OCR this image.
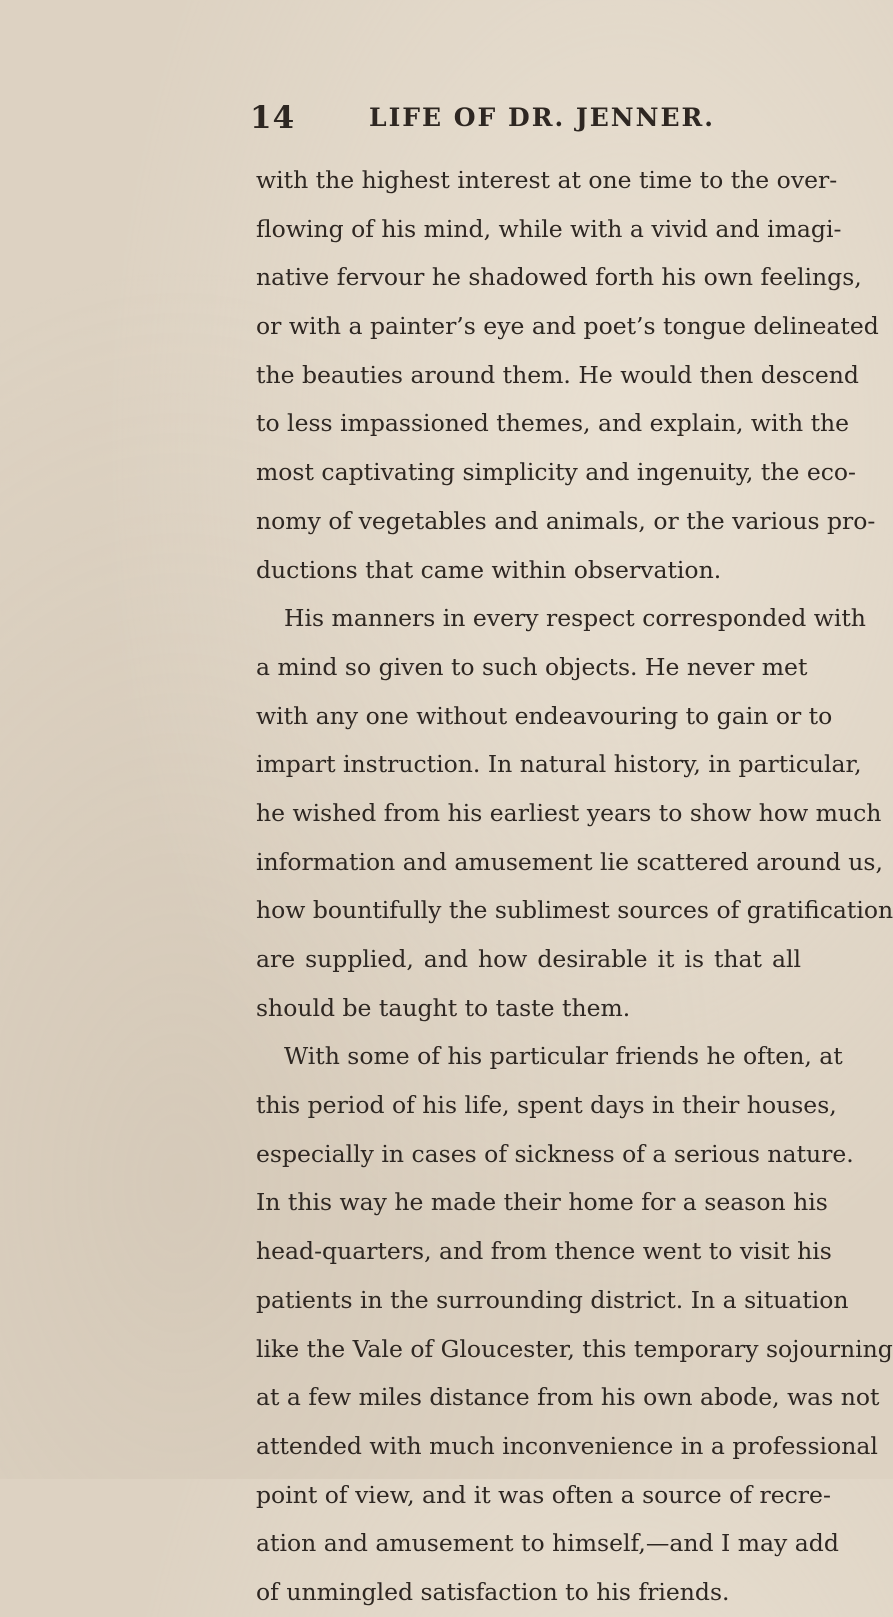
14	LIFE OF DR. JENNER.
with the highest interest at one time to the over-
flowing of his mind, while with a vivid and imagi-
native fervour he shadowed forth his own feelings,
or with a painter’s eye and poet’s tongue delineated
the beauties around them. He would then descend
to less impassioned themes, and explain, with the
most captivating simplicity and ingenuity, the eco-
nomy of vegetables and animals, or the various pro-
ductions that came within observation.
His manners in every respect corresponded with
a mind so given to such objects. He never met
with any one without endeavouring to gain or to
impart instruction. In natural history, in particular,
he wished from his earliest years to show how much
information and amusement lie scattered around us,
how bountifully the sublimest sources of gratification
are supplied, and how desirable it is that all
should be taught to taste them.
With some of his particular friends he often, at
this period of his life, spent days in their houses,
especially in cases of sickness of a serious nature.
In this way he made their home for a season his
head-quarters, and from thence went to visit his
patients in the surrounding district. In a situation
like the Vale of Gloucester, this temporary sojourning
at a few miles distance from his own abode, was not
attended with much inconvenience in a professional
point of view, and it was often a source of recre-
ation and amusement to himself,—and I may add
of unmingled satisfaction to his friends.
